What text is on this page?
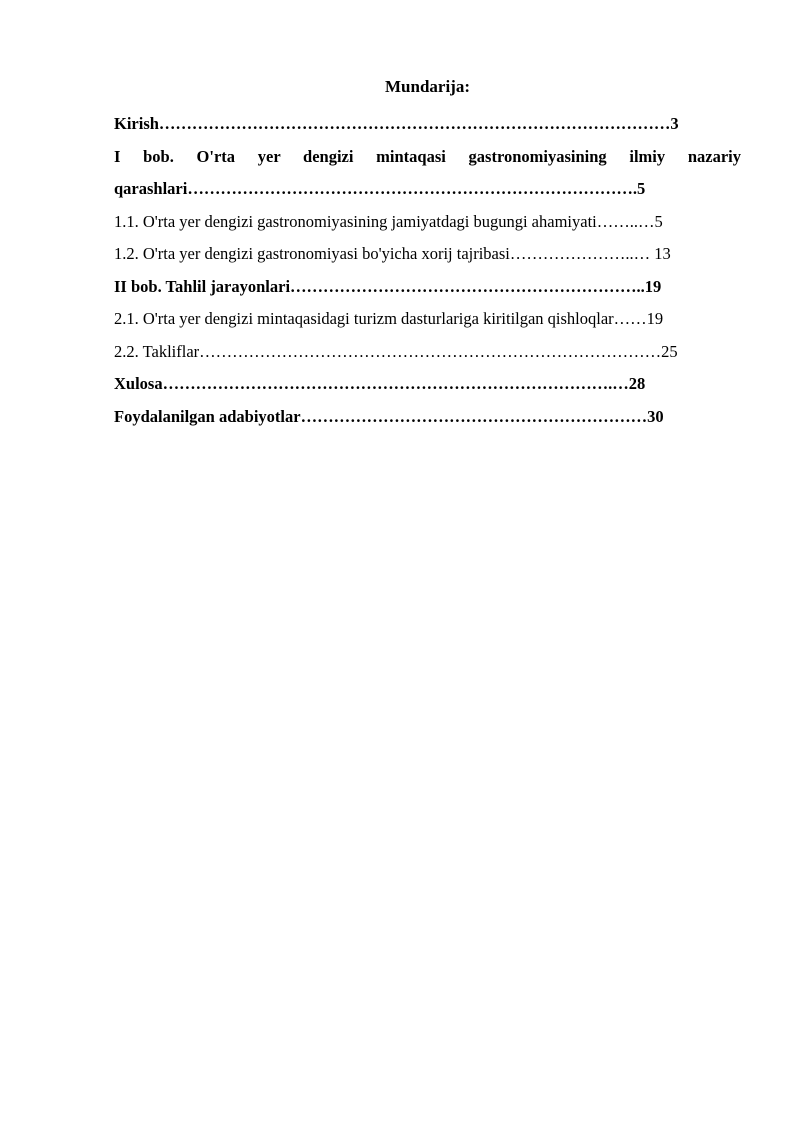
Mundarija:
Kirish…………………………………………………………………………………3
I bob. O'rta yer dengizi mintaqasi gastronomiyasining ilmiy nazariy qarashlari……………………………………………………………………….5
1.1. O'rta yer dengizi gastronomiyasining jamiyatdagi bugungi ahamiyati……..…5
1.2. O'rta yer dengizi gastronomiyasi bo'yicha xorij tajribasi…………………..… 13
II bob. Tahlil jarayonlari………………………………………………………..19
2.1. O'rta yer dengizi mintaqasidagi turizm dasturlariga kiritilgan qishloqlar……19
2.2. Takliflar…………………………………………………………………………25
Xulosa……………………………………………………………………….…28
Foydalanilgan adabiyotlar………………………………………………………30
